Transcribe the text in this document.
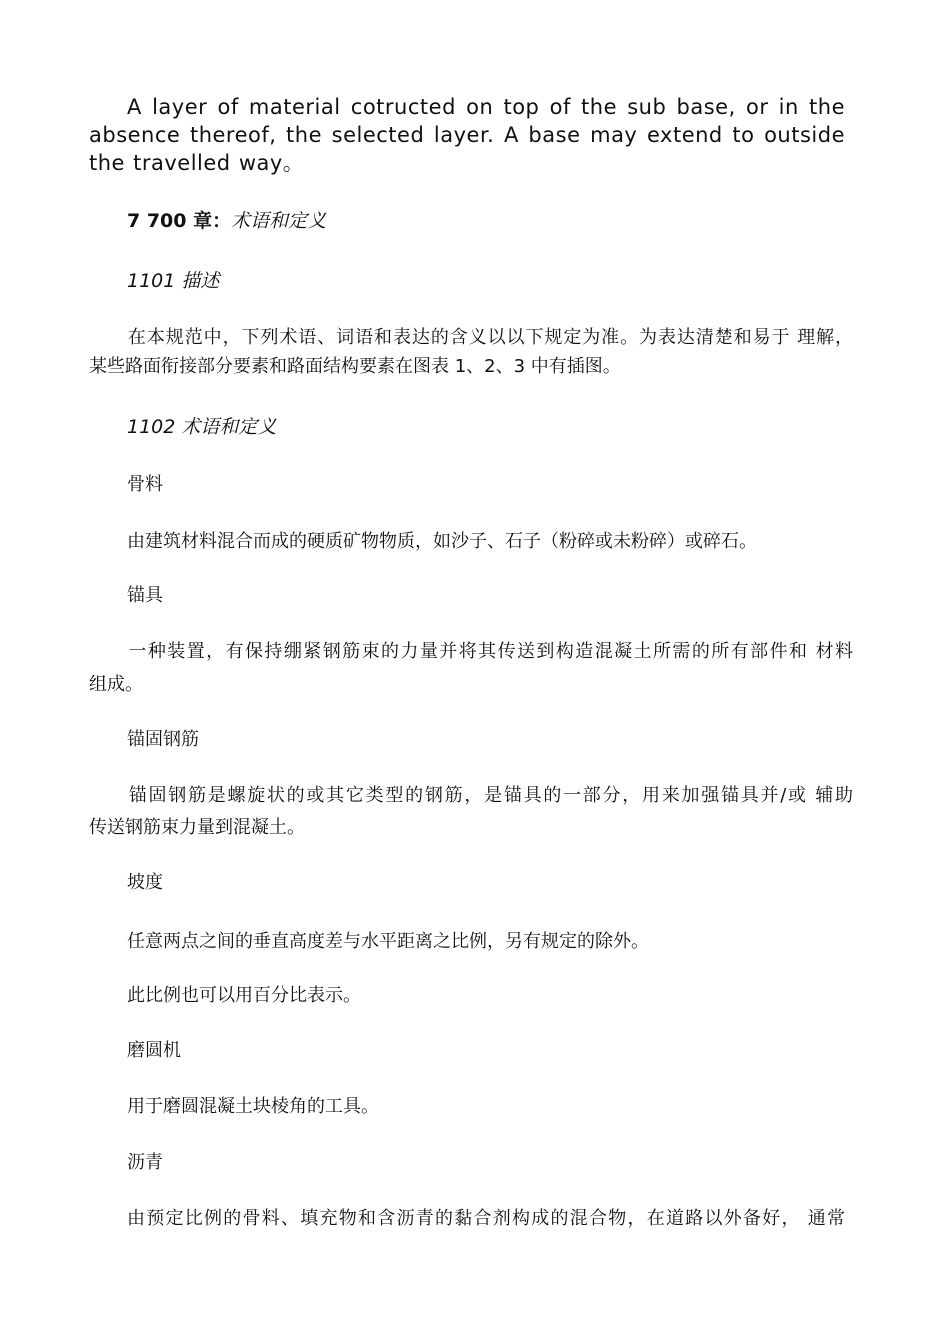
A layer of material cotructed on top of the sub base, or in the
absence thereof, the selected layer. A base may extend to outside
the travelled way。
7 700 章：术语和定义
1101 描述
在本规范中，下列术语、词语和表达的含义以以下规定为准。为表达清楚和易于 理解，
某些路面衔接部分要素和路面结构要素在图表 1、2、3 中有插图。
1102 术语和定义
骨料
由建筑材料混合而成的硬质矿物物质，如沙子、石子（粉碎或未粉碎）或碎石。
锚具
一种装置，有保持绷紧钢筋束的力量并将其传送到构造混凝土所需的所有部件和 材料
组成。
锚固钢筋
锚固钢筋是螺旋状的或其它类型的钢筋，是锚具的一部分，用来加强锚具并/或 辅助
传送钢筋束力量到混凝土。
坡度
任意两点之间的垂直高度差与水平距离之比例，另有规定的除外。
此比例也可以用百分比表示。
磨圆机
用于磨圆混凝土块棱角的工具。
沥青
由预定比例的骨料、填充物和含沥青的黏合剂构成的混合物，在道路以外备好， 通常
